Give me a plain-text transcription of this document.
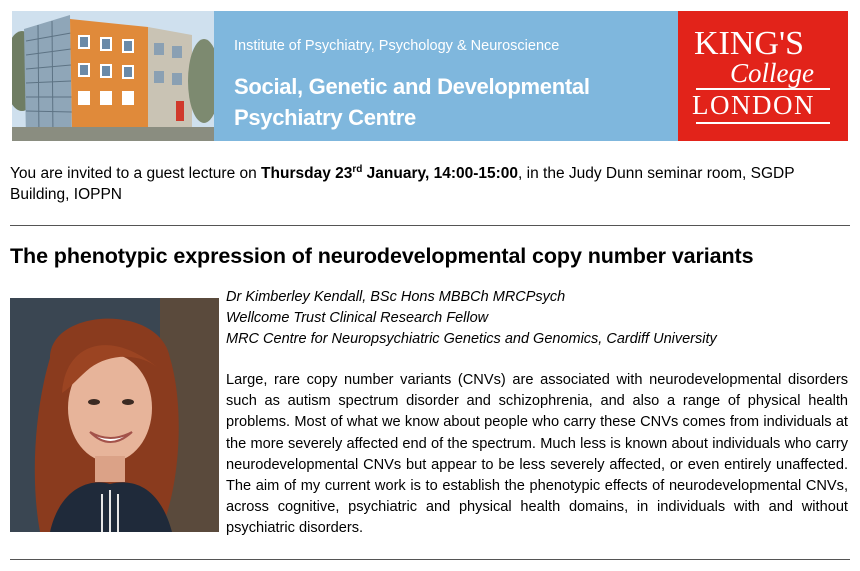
Institute of Psychiatry, Psychology & Neuroscience
Social, Genetic and Developmental
Psychiatry Centre
KING'S
College
LONDON
You are invited to a guest lecture on Thursday 23rd January, 14:00-15:00, in the Judy Dunn seminar room, SGDP Building, IOPPN
The phenotypic expression of neurodevelopmental copy number variants
Dr Kimberley Kendall, BSc Hons MBBCh MRCPsych
Wellcome Trust Clinical Research Fellow
MRC Centre for Neuropsychiatric Genetics and Genomics, Cardiff University
Large, rare copy number variants (CNVs) are associated with neurodevelopmental disorders such as autism spectrum disorder and schizophrenia, and also a range of physical health problems. Most of what we know about people who carry these CNVs comes from individuals at the more severely affected end of the spectrum. Much less is known about individuals who carry neurodevelopmental CNVs but appear to be less severely affected, or even entirely unaffected. The aim of my current work is to establish the phenotypic effects of neurodevelopmental CNVs, across cognitive, psychiatric and physical health domains, in individuals with and without psychiatric disorders.
